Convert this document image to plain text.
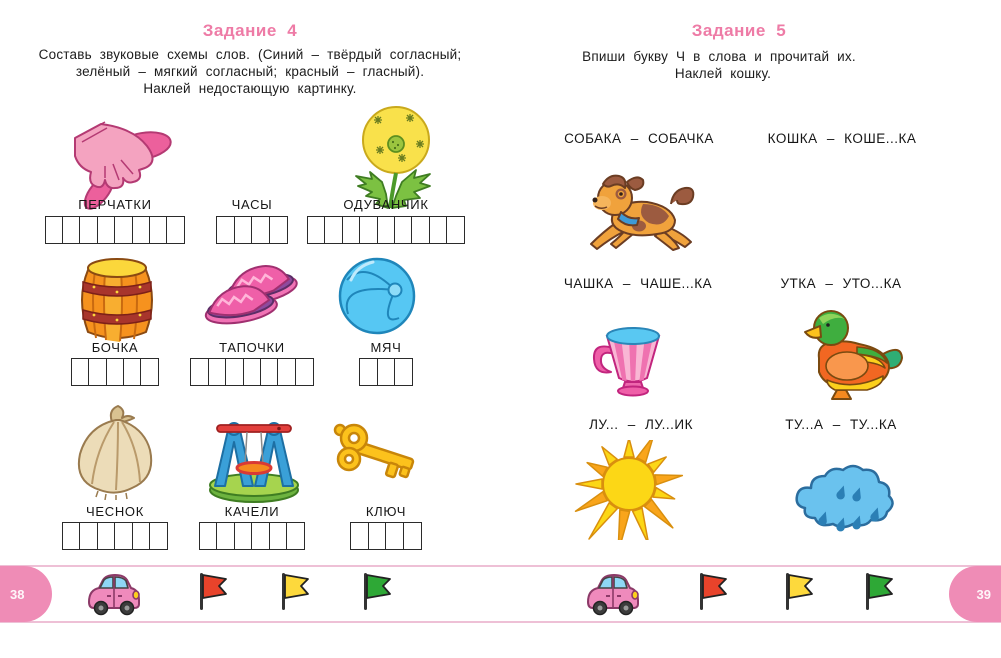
Задание  4
Составь звуковые схемы слов. (Синий – твёрдый согласный;
зелёный – мягкий согласный; красный – гласный).
Наклей недостающую картинку.
ПЕРЧАТКИ	ЧАСЫ	ОДУВАНЧИК
БОЧКА	ТАПОЧКИ	МЯЧ
ЧЕСНОК	КАЧЕЛИ	КЛЮЧ
Задание  5
Впиши букву Ч в слова и прочитай их.
Наклей кошку.
СОБАКА – СОБАЧКА	КОШКА – КОШЕ...КА
ЧАШКА – ЧАШЕ...КА	УТКА – УТО...КА
ЛУ... – ЛУ...ИК	ТУ...А – ТУ...КА
38	39
